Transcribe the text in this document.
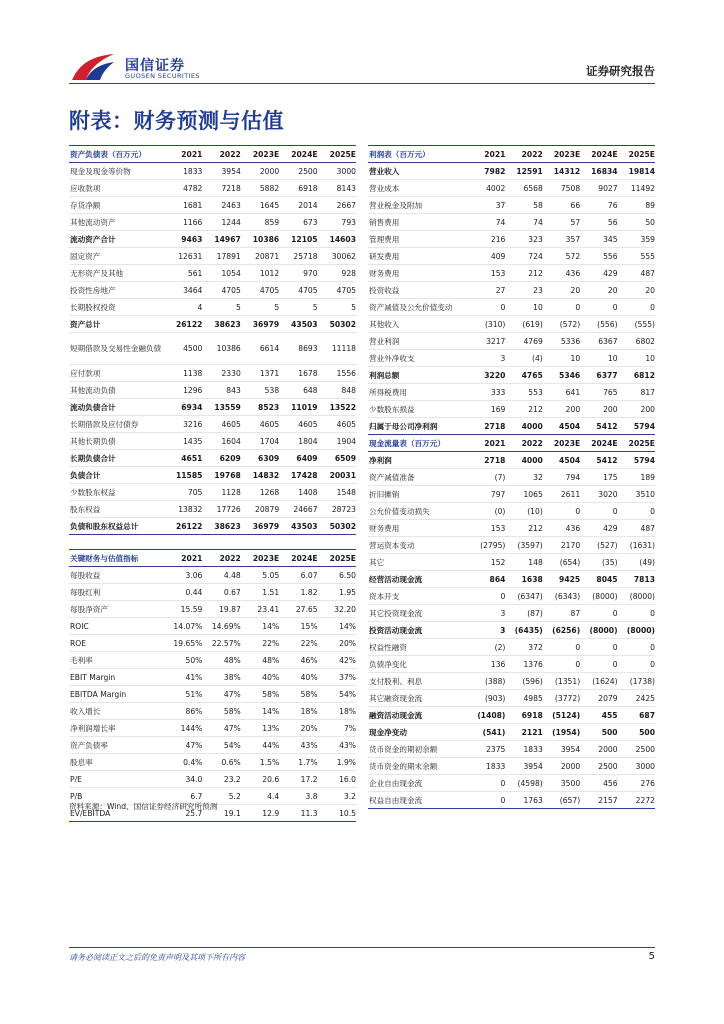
国信证券
GUOSEN SECURITIES	证券研究报告
附表：财务预测与估值
资产负债表（百万元）	2021	2022	2023E	2024E	2025E
现金及现金等价物	1833	3954	2000	2500	3000
应收款项	4782	7218	5882	6918	8143
存货净额	1681	2463	1645	2014	2667
其他流动资产	1166	1244	859	673	793
流动资产合计	9463	14967	10386	12105	14603
固定资产	12631	17891	20871	25718	30062
无形资产及其他	561	1054	1012	970	928
投资性房地产	3464	4705	4705	4705	4705
长期股权投资	4	5	5	5	5
资产总计	26122	38623	36979	43503	50302
短期借款及交易性金融负债	4500	10386	6614	8693	11118
应付款项	1138	2330	1371	1678	1556
其他流动负债	1296	843	538	648	848
流动负债合计	6934	13559	8523	11019	13522
长期借款及应付债券	3216	4605	4605	4605	4605
其他长期负债	1435	1604	1704	1804	1904
长期负债合计	4651	6209	6309	6409	6509
负债合计	11585	19768	14832	17428	20031
少数股东权益	705	1128	1268	1408	1548
股东权益	13832	17726	20879	24667	28723
负债和股东权益总计	26122	38623	36979	43503	50302
关键财务与估值指标	2021	2022	2023E	2024E	2025E
每股收益	3.06	4.48	5.05	6.07	6.50
每股红利	0.44	0.67	1.51	1.82	1.95
每股净资产	15.59	19.87	23.41	27.65	32.20
ROIC	14.07%	14.69%	14%	15%	14%
ROE	19.65%	22.57%	22%	22%	20%
毛利率	50%	48%	48%	46%	42%
EBIT Margin	41%	38%	40%	40%	37%
EBITDA Margin	51%	47%	58%	58%	54%
收入增长	86%	58%	14%	18%	18%
净利润增长率	144%	47%	13%	20%	7%
资产负债率	47%	54%	44%	43%	43%
股息率	0.4%	0.6%	1.5%	1.7%	1.9%
P/E	34.0	23.2	20.6	17.2	16.0
P/B	6.7	5.2	4.4	3.8	3.2
EV/EBITDA	25.7	19.1	12.9	11.3	10.5
利润表（百万元）	2021	2022	2023E	2024E	2025E
营业收入	7982	12591	14312	16834	19814
营业成本	4002	6568	7508	9027	11492
营业税金及附加	37	58	66	76	89
销售费用	74	74	57	56	50
管理费用	216	323	357	345	359
研发费用	409	724	572	556	555
财务费用	153	212	436	429	487
投资收益	27	23	20	20	20
资产减值及公允价值变动	0	10	0	0	0
其他收入	(310)	(619)	(572)	(556)	(555)
营业利润	3217	4769	5336	6367	6802
营业外净收支	3	(4)	10	10	10
利润总额	3220	4765	5346	6377	6812
所得税费用	333	553	641	765	817
少数股东损益	169	212	200	200	200
归属于母公司净利润	2718	4000	4504	5412	5794
现金流量表（百万元）	2021	2022	2023E	2024E	2025E
净利润	2718	4000	4504	5412	5794
资产减值准备	(7)	32	794	175	189
折旧摊销	797	1065	2611	3020	3510
公允价值变动损失	(0)	(10)	0	0	0
财务费用	153	212	436	429	487
营运资本变动	(2795)	(3597)	2170	(527)	(1631)
其它	152	148	(654)	(35)	(49)
经营活动现金流	864	1638	9425	8045	7813
资本开支	0	(6347)	(6343)	(8000)	(8000)
其它投资现金流	3	(87)	87	0	0
投资活动现金流	3	(6435)	(6256)	(8000)	(8000)
权益性融资	(2)	372	0	0	0
负债净变化	136	1376	0	0	0
支付股利、利息	(388)	(596)	(1351)	(1624)	(1738)
其它融资现金流	(903)	4985	(3772)	2079	2425
融资活动现金流	(1408)	6918	(5124)	455	687
现金净变动	(541)	2121	(1954)	500	500
货币资金的期初余额	2375	1833	3954	2000	2500
货币资金的期末余额	1833	3954	2000	2500	3000
企业自由现金流	0	(4598)	3500	456	276
权益自由现金流	0	1763	(657)	2157	2272
资料来源：Wind、国信证券经济研究所预测
请务必阅读正文之后的免责声明及其项下所有内容	5
